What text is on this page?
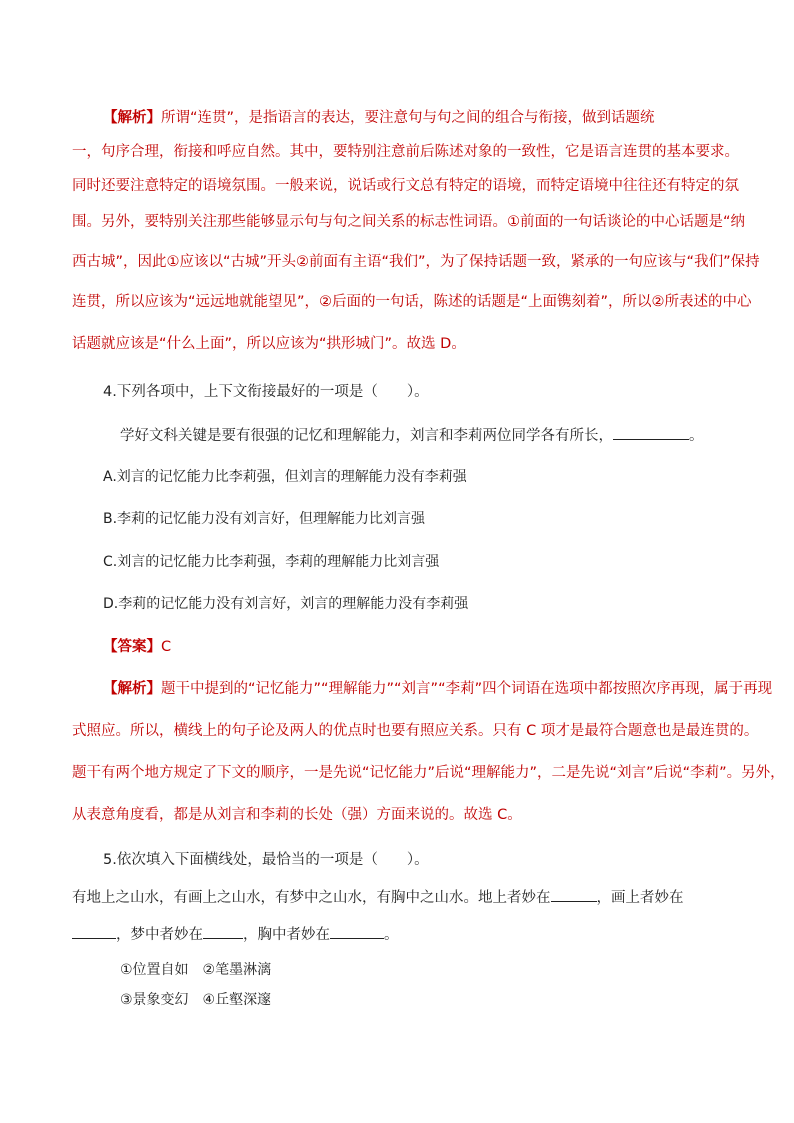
【解析】所谓“连贯”，是指语言的表达，要注意句与句之间的组合与衔接，做到话题统
一，句序合理，衔接和呼应自然。其中，要特别注意前后陈述对象的一致性，它是语言连贯的基本要求。
同时还要注意特定的语境氛围。一般来说，说话或行文总有特定的语境，而特定语境中往往还有特定的氛
围。另外，要特别关注那些能够显示句与句之间关系的标志性词语。①前面的一句话谈论的中心话题是“纳
西古城”，因此①应该以“古城”开头②前面有主语“我们”，为了保持话题一致，紧承的一句应该与“我们”保持
连贯，所以应该为“远远地就能望见”，②后面的一句话，陈述的话题是“上面镌刻着”，所以②所表述的中心
话题就应该是“什么上面”，所以应该为“拱形城门”。故选 D。
4.下列各项中，上下文衔接最好的一项是（　　）。
学好文科关键是要有很强的记忆和理解能力，刘言和李莉两位同学各有所长，	。
A.刘言的记忆能力比李莉强，但刘言的理解能力没有李莉强
B.李莉的记忆能力没有刘言好，但理解能力比刘言强
C.刘言的记忆能力比李莉强，李莉的理解能力比刘言强
D.李莉的记忆能力没有刘言好，刘言的理解能力没有李莉强
【答案】C
【解析】题干中提到的“记忆能力”“理解能力”“刘言”“李莉”四个词语在选项中都按照次序再现，属于再现
式照应。所以，横线上的句子论及两人的优点时也要有照应关系。只有 C 项才是最符合题意也是最连贯的。
题干有两个地方规定了下文的顺序，一是先说“记忆能力”后说“理解能力”，二是先说“刘言”后说“李莉”。另外，
从表意角度看，都是从刘言和李莉的长处（强）方面来说的。故选 C。
5.依次填入下面横线处，最恰当的一项是（　　）。
有地上之山水，有画上之山水，有梦中之山水，有胸中之山水。地上者妙在	，画上者妙在
，梦中者妙在	，胸中者妙在	。
①位置自如　②笔墨淋漓
③景象变幻　④丘壑深邃
